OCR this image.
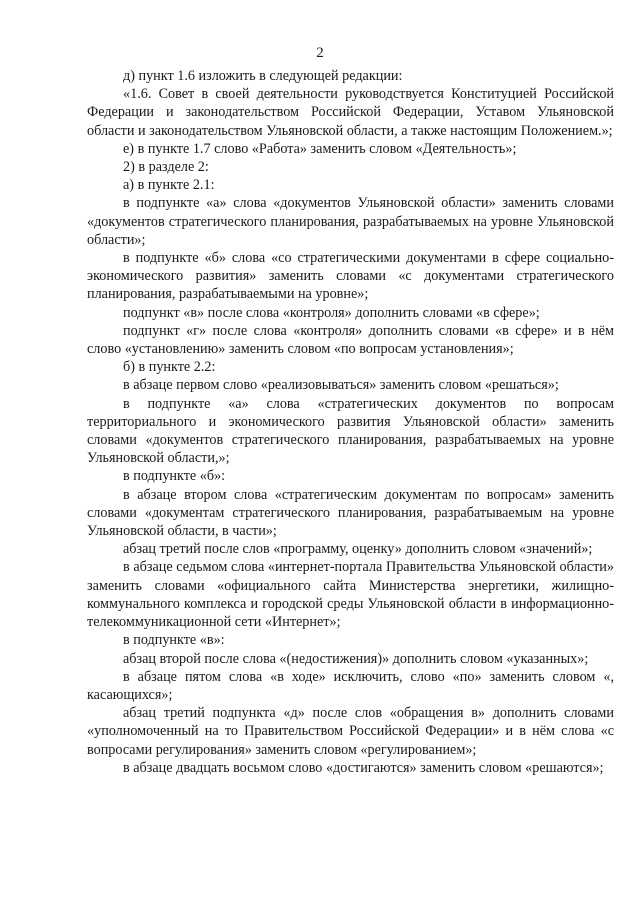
2

д) пункт 1.6 изложить в следующей редакции:

«1.6. Совет в своей деятельности руководствуется Конституцией Российской Федерации и законодательством Российской Федерации, Уставом Ульяновской области и законодательством Ульяновской области, а также настоящим Положением.»;

е) в пункте 1.7 слово «Работа» заменить словом «Деятельность»;

2) в разделе 2:

а) в пункте 2.1:

в подпункте «а» слова «документов Ульяновской области» заменить словами «документов стратегического планирования, разрабатываемых на уровне Ульяновской области»;

в подпункте «б» слова «со стратегическими документами в сфере социально-экономического развития» заменить словами «с документами стратегического планирования, разрабатываемыми на уровне»;

подпункт «в» после слова «контроля» дополнить словами «в сфере»;

подпункт «г» после слова «контроля» дополнить словами «в сфере» и в нём слово «установлению» заменить словом «по вопросам установления»;

б) в пункте 2.2:

в абзаце первом слово «реализовываться» заменить словом «решаться»;

в подпункте «а» слова «стратегических документов по вопросам территориального и экономического развития Ульяновской области» заменить словами «документов стратегического планирования, разрабатываемых на уровне Ульяновской области,»;

в подпункте «б»:

в абзаце втором слова «стратегическим документам по вопросам» заменить словами «документам стратегического планирования, разрабатываемым на уровне Ульяновской области, в части»;

абзац третий после слов «программу, оценку» дополнить словом «значений»;

в абзаце седьмом слова «интернет-портала Правительства Ульяновской области» заменить словами «официального сайта Министерства энергетики, жилищно-коммунального комплекса и городской среды Ульяновской области в информационно-телекоммуникационной сети «Интернет»;

в подпункте «в»:

абзац второй после слова «(недостижения)» дополнить словом «указанных»;

в абзаце пятом слова «в ходе» исключить, слово «по» заменить словом «, касающихся»;

абзац третий подпункта «д» после слов «обращения в» дополнить словами «уполномоченный на то Правительством Российской Федерации» и в нём слова «с вопросами регулирования» заменить словом «регулированием»;

в абзаце двадцать восьмом слово «достигаются» заменить словом «решаются»;
